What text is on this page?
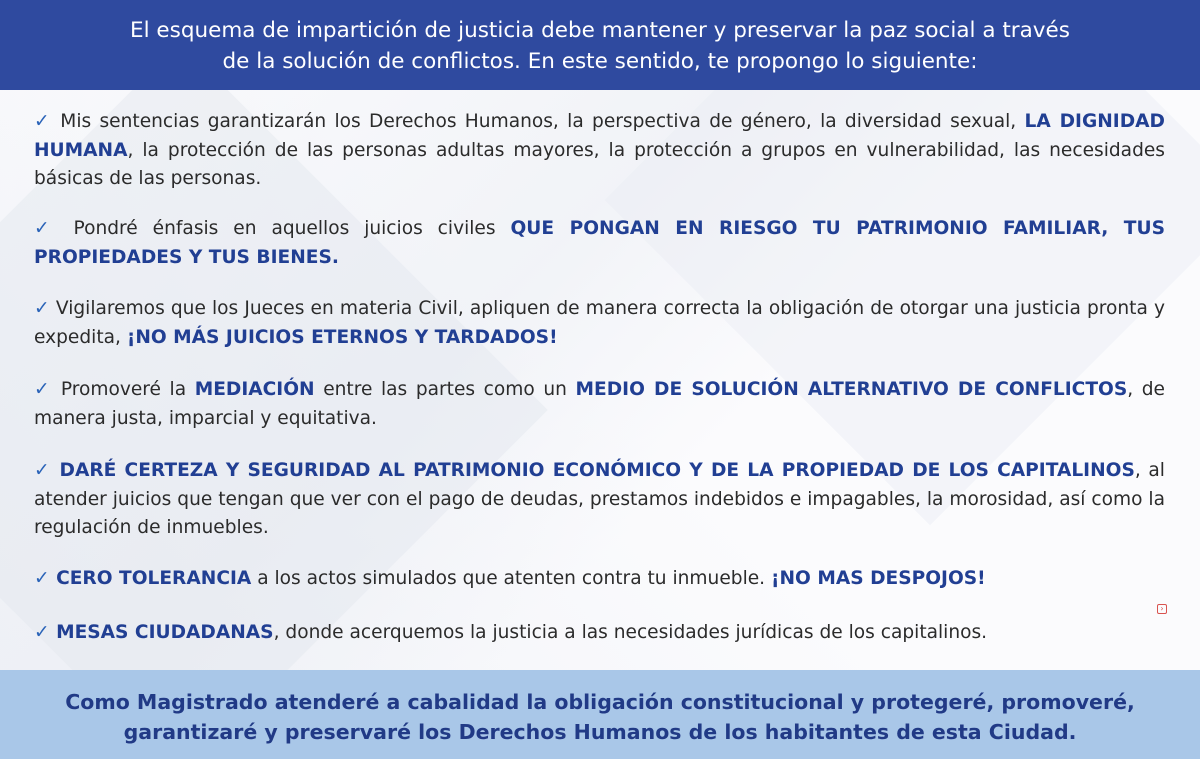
El esquema de impartición de justicia debe mantener y preservar la paz social a través
de la solución de conflictos. En este sentido, te propongo lo siguiente:
✓ Mis sentencias garantizarán los Derechos Humanos, la perspectiva de género, la diversidad sexual, LA DIGNIDAD HUMANA, la protección de las personas adultas mayores, la protección a grupos en vulnerabilidad, las necesidades básicas de las personas.
✓ Pondré énfasis en aquellos juicios civiles QUE PONGAN EN RIESGO TU PATRIMONIO FAMILIAR, TUS PROPIEDADES Y TUS BIENES.
✓ Vigilaremos que los Jueces en materia Civil, apliquen de manera correcta la obligación de otorgar una justicia pronta y expedita, ¡NO MÁS JUICIOS ETERNOS Y TARDADOS!
✓ Promoveré la MEDIACIÓN entre las partes como un MEDIO DE SOLUCIÓN ALTERNATIVO DE CONFLICTOS, de manera justa, imparcial y equitativa.
✓ DARÉ CERTEZA Y SEGURIDAD AL PATRIMONIO ECONÓMICO Y DE LA PROPIEDAD DE LOS CAPITALINOS, al atender juicios que tengan que ver con el pago de deudas, prestamos indebidos e impagables, la morosidad, así como la regulación de inmuebles.
✓ CERO TOLERANCIA a los actos simulados que atenten contra tu inmueble. ¡NO MAS DESPOJOS!
✓ MESAS CIUDADANAS, donde acerquemos la justicia a las necesidades jurídicas de los capitalinos.
›
Como Magistrado atenderé a cabalidad la obligación constitucional y protegeré, promoveré,
garantizaré y preservaré los Derechos Humanos de los habitantes de esta Ciudad.
